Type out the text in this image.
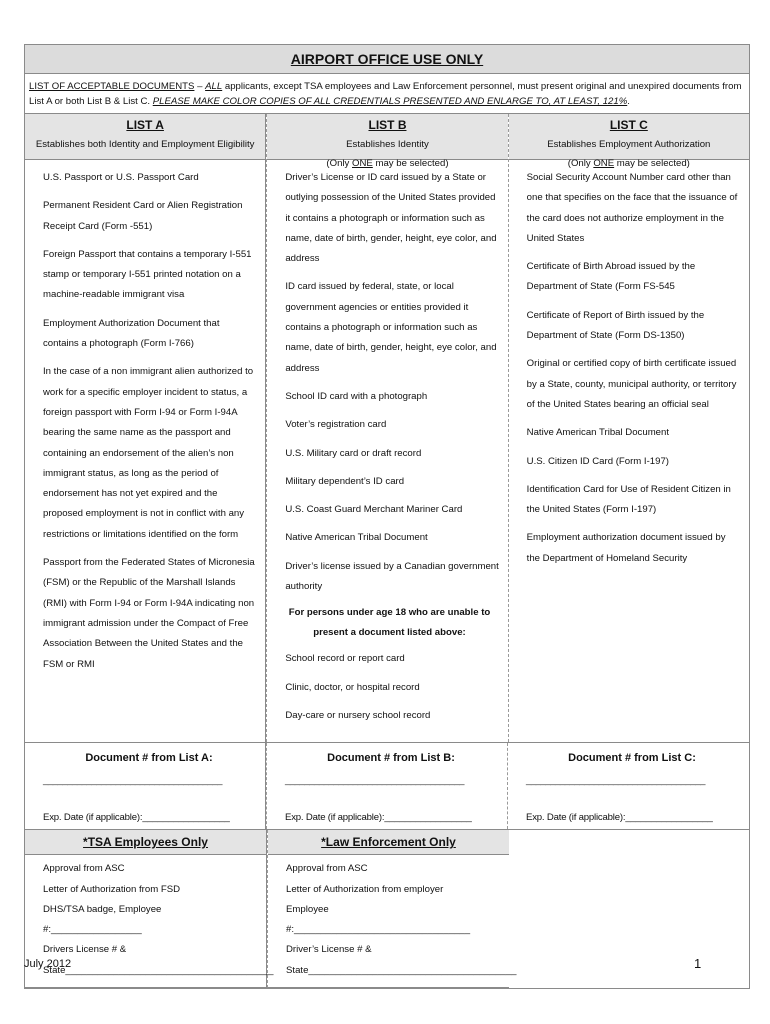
AIRPORT OFFICE USE ONLY
LIST OF ACCEPTABLE DOCUMENTS – ALL applicants, except TSA employees and Law Enforcement personnel, must present original and unexpired documents from List A or both List B & List C. PLEASE MAKE COLOR COPIES OF ALL CREDENTIALS PRESENTED AND ENLARGE TO, AT LEAST, 121%.
LIST A
Establishes both Identity and Employment Eligibility
U.S. Passport or U.S. Passport Card
Permanent Resident Card or Alien Registration Receipt Card (Form -551)
Foreign Passport that contains a temporary I-551 stamp or temporary I-551 printed notation on a machine-readable immigrant visa
Employment Authorization Document that contains a photograph (Form I-766)
In the case of a non immigrant alien authorized to work for a specific employer incident to status, a foreign passport with Form I-94 or Form I-94A bearing the same name as the passport and containing an endorsement of the alien’s non immigrant status, as long as the period of endorsement has not yet expired and the proposed employment is not in conflict with any restrictions or limitations identified on the form
Passport from the Federated States of Micronesia (FSM) or the Republic of the Marshall Islands (RMI) with Form I-94 or Form I-94A indicating non immigrant admission under the Compact of Free Association Between the United States and the FSM or RMI
LIST B
Establishes Identity
(Only ONE may be selected)
Driver’s License or ID card issued by a State or outlying possession of the United States provided it contains a photograph or information such as name, date of birth, gender, height, eye color, and address
ID card issued by federal, state, or local government agencies or entities provided it contains a photograph or information such as name, date of birth, gender, height, eye color, and address
School ID card with a photograph
Voter’s registration card
U.S. Military card or draft record
Military dependent’s ID card
U.S. Coast Guard Merchant Mariner Card
Native American Tribal Document
Driver’s license issued by a Canadian government authority
For persons under age 18 who are unable to present a document listed above:
School record or report card
Clinic, doctor, or hospital record
Day-care or nursery school record
LIST C
Establishes Employment Authorization
(Only ONE may be selected)
Social Security Account Number card other than one that specifies on the face that the issuance of the card does not authorize employment in the United States
Certificate of Birth Abroad issued by the Department of State (Form FS-545
Certificate of Report of Birth issued by the Department of State (Form DS-1350)
Original or certified copy of birth certificate issued by a State, county, municipal authority, or territory of the United States bearing an official seal
Native American Tribal Document
U.S. Citizen ID Card (Form I-197)
Identification Card for Use of Resident Citizen in the United States (Form I-197)
Employment authorization document issued by the Department of Homeland Security
Document # from List A:
_____________________________________
Exp. Date (if applicable):_________________
Document # from List B:
_____________________________________
Exp. Date (if applicable):_________________
Document # from List C:
_____________________________________
Exp. Date (if applicable):_________________
*TSA Employees Only
Approval from ASC
Letter of Authorization from FSD
DHS/TSA badge, Employee #:_________________
Drivers License # &
State_______________________________________
*Law Enforcement Only
Approval from ASC
Letter of Authorization from employer
Employee #:_________________________________
Driver’s License # &
State_______________________________________
July 2012	1
